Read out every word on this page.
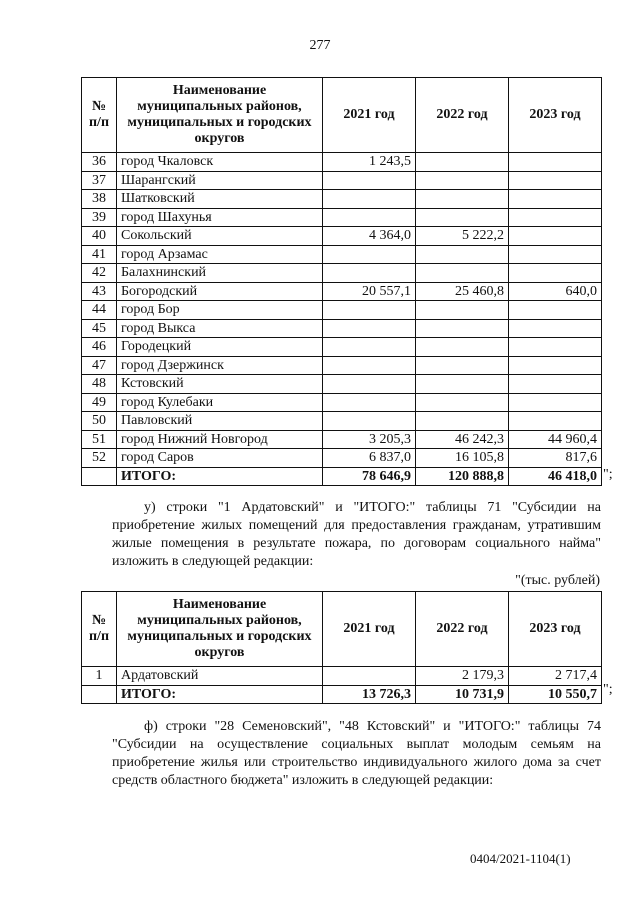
277
№ п/п	Наименование муниципальных районов, муниципальных и городских округов	2021 год	2022 год	2023 год
36	город Чкаловск	1 243,5		
37	Шарангский			
38	Шатковский			
39	город Шахунья			
40	Сокольский	4 364,0	5 222,2	
41	город Арзамас			
42	Балахнинский			
43	Богородский	20 557,1	25 460,8	640,0
44	город Бор			
45	город Выкса			
46	Городецкий			
47	город Дзержинск			
48	Кстовский			
49	город Кулебаки			
50	Павловский			
51	город Нижний Новгород	3 205,3	46 242,3	44 960,4
52	город Саров	6 837,0	16 105,8	817,6
	ИТОГО:	78 646,9	120 888,8	46 418,0 ";
у) строки "1 Ардатовский" и "ИТОГО:" таблицы 71 "Субсидии на приобретение жилых помещений для предоставления гражданам, утратившим жилые помещения в результате пожара, по договорам социального найма" изложить в следующей редакции:
"(тыс. рублей)
№ п/п	Наименование муниципальных районов, муниципальных и городских округов	2021 год	2022 год	2023 год
1	Ардатовский		2 179,3	2 717,4
	ИТОГО:	13 726,3	10 731,9	10 550,7 ";
ф) строки "28 Семеновский", "48 Кстовский" и "ИТОГО:" таблицы 74 "Субсидии на осуществление социальных выплат молодым семьям на приобретение жилья или строительство индивидуального жилого дома за счет средств областного бюджета" изложить в следующей редакции:
0404/2021-1104(1)
